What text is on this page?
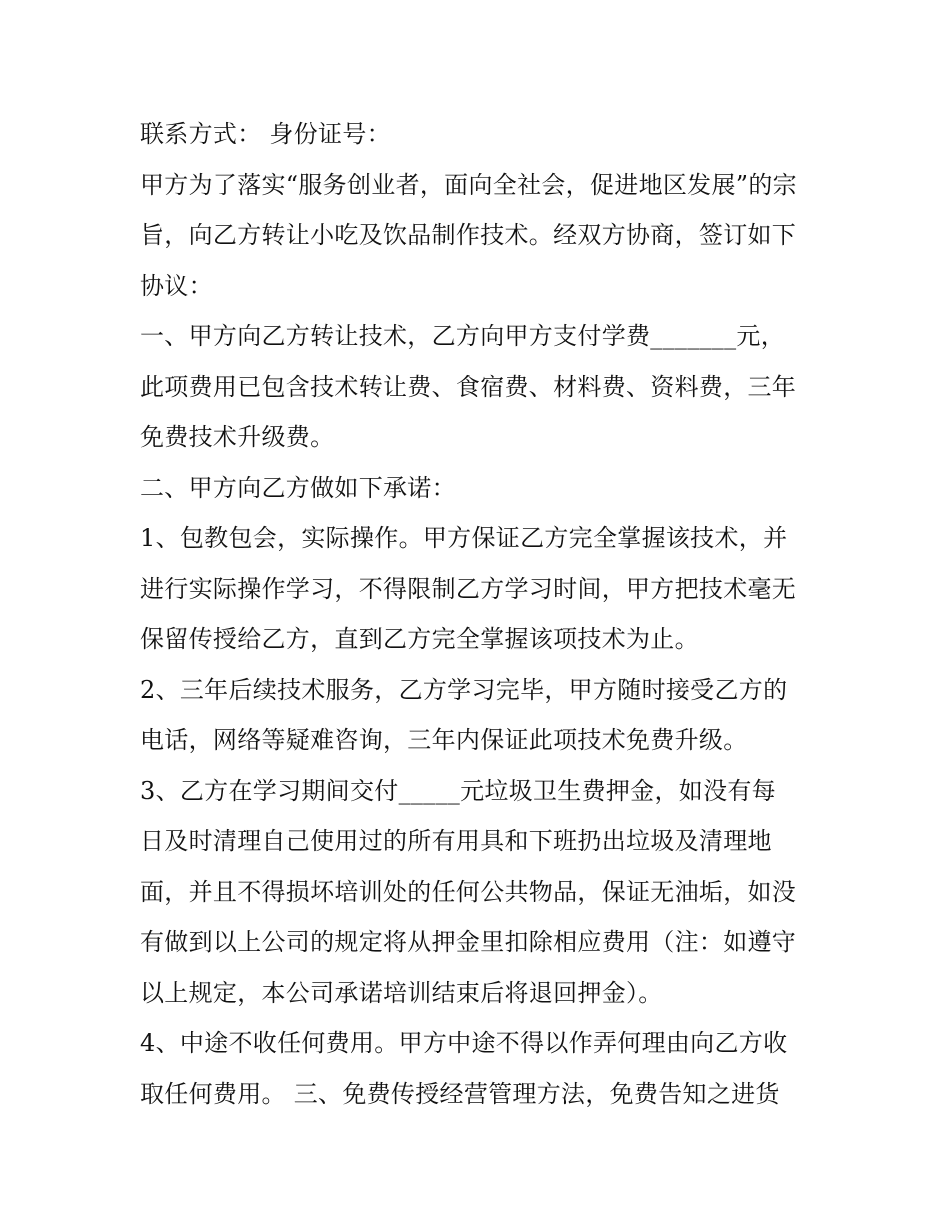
联系方式： 身份证号：
甲方为了落实“服务创业者，面向全社会，促进地区发展”的宗
旨，向乙方转让小吃及饮品制作技术。经双方协商，签订如下
协议：
一、甲方向乙方转让技术，乙方向甲方支付学费_______元，
此项费用已包含技术转让费、食宿费、材料费、资料费，三年
免费技术升级费。
二、甲方向乙方做如下承诺：
1、包教包会，实际操作。甲方保证乙方完全掌握该技术，并
进行实际操作学习，不得限制乙方学习时间，甲方把技术毫无
保留传授给乙方，直到乙方完全掌握该项技术为止。
2、三年后续技术服务，乙方学习完毕，甲方随时接受乙方的
电话，网络等疑难咨询，三年内保证此项技术免费升级。
3、乙方在学习期间交付_____元垃圾卫生费押金，如没有每
日及时清理自己使用过的所有用具和下班扔出垃圾及清理地
面，并且不得损坏培训处的任何公共物品，保证无油垢，如没
有做到以上公司的规定将从押金里扣除相应费用（注：如遵守
以上规定，本公司承诺培训结束后将退回押金）。
4、中途不收任何费用。甲方中途不得以作弄何理由向乙方收
取任何费用。 三、免费传授经营管理方法，免费告知之进货
